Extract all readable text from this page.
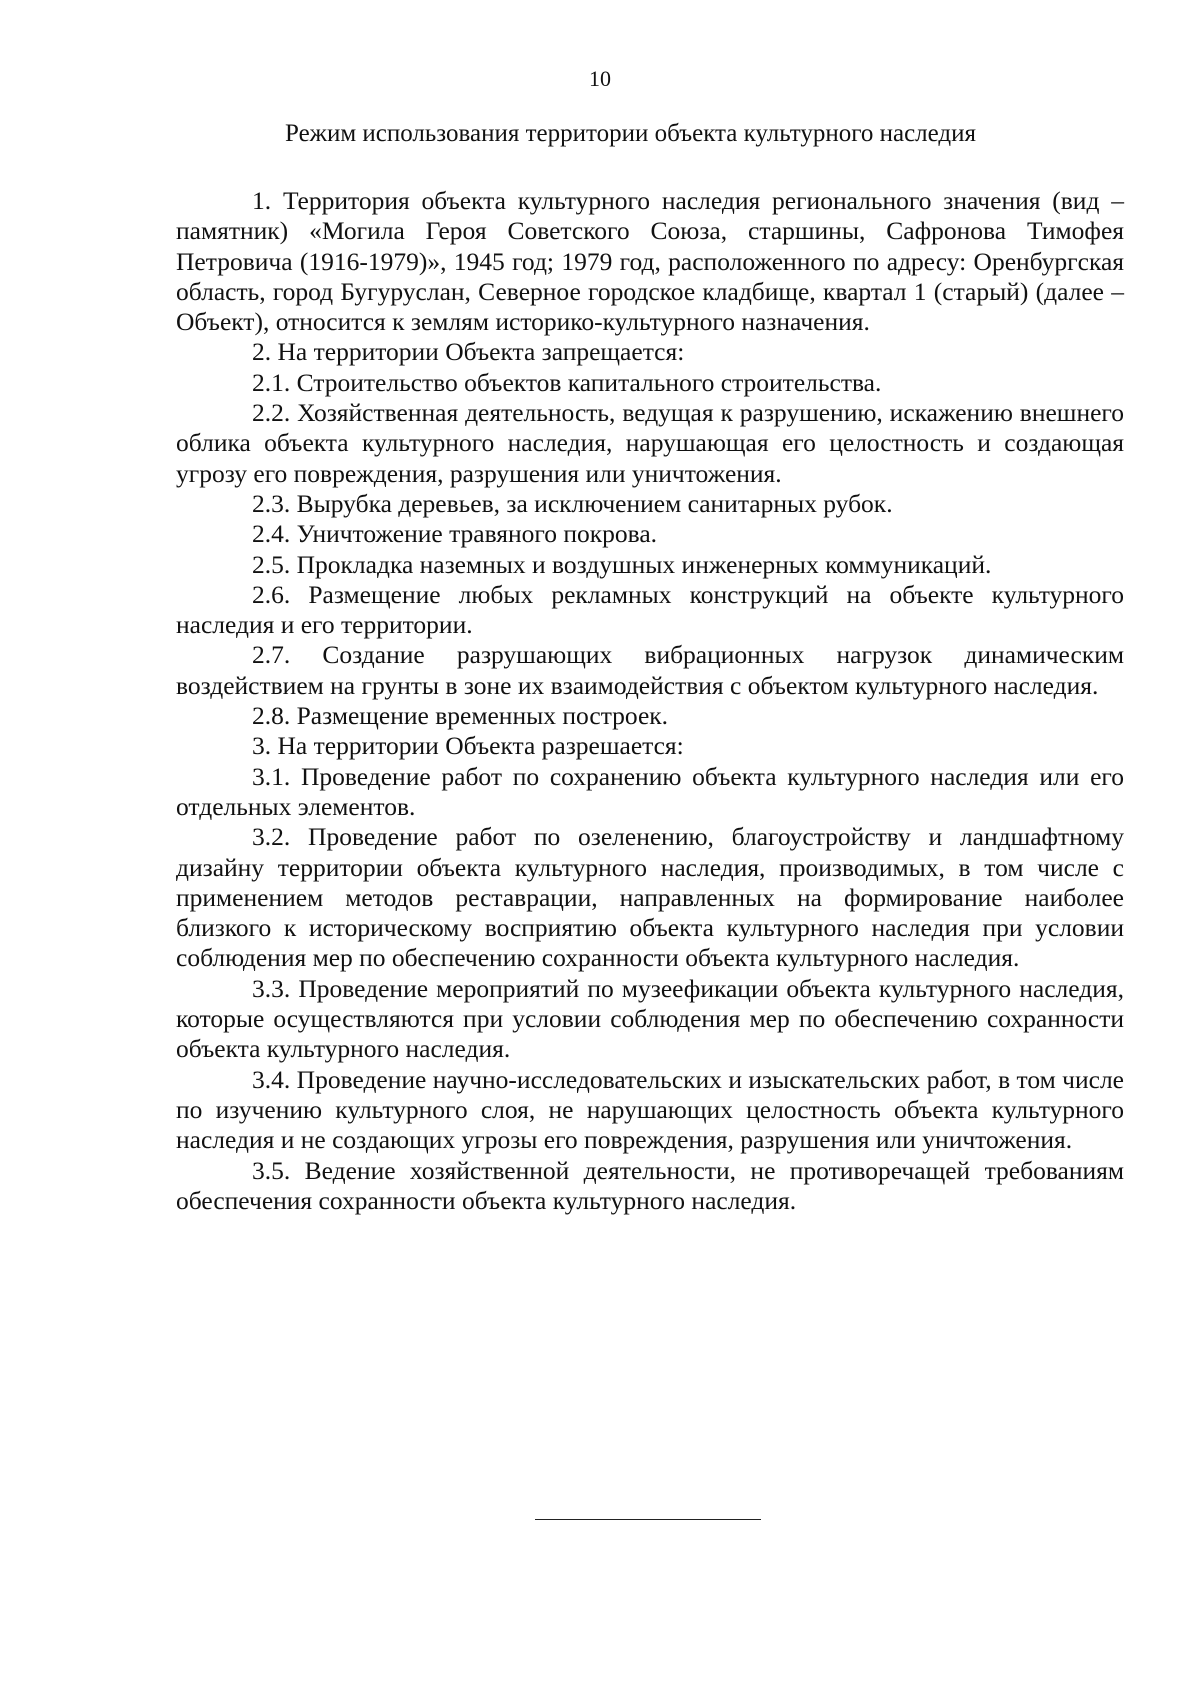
10
Режим использования территории объекта культурного наследия

1. Территория объекта культурного наследия регионального значения (вид – памятник) «Могила Героя Советского Союза, старшины, Сафронова Тимофея Петровича (1916-1979)», 1945 год; 1979 год, расположенного по адресу: Оренбургская область, город Бугуруслан, Северное городское кладбище, квартал 1 (старый) (далее – Объект), относится к землям историко-культурного назначения.

2. На территории Объекта запрещается:

2.1. Строительство объектов капитального строительства.

2.2. Хозяйственная деятельность, ведущая к разрушению, искажению внешнего облика объекта культурного наследия, нарушающая его целостность и создающая угрозу его повреждения, разрушения или уничтожения.

2.3. Вырубка деревьев, за исключением санитарных рубок.

2.4. Уничтожение травяного покрова.

2.5. Прокладка наземных и воздушных инженерных коммуникаций.

2.6. Размещение любых рекламных конструкций на объекте культурного наследия и его территории.

2.7. Создание разрушающих вибрационных нагрузок динамическим воздействием на грунты в зоне их взаимодействия с объектом культурного наследия.

2.8. Размещение временных построек.

3. На территории Объекта разрешается:

3.1. Проведение работ по сохранению объекта культурного наследия или его отдельных элементов.

3.2. Проведение работ по озеленению, благоустройству и ландшафтному дизайну территории объекта культурного наследия, производимых, в том числе с применением методов реставрации, направленных на формирование наиболее близкого к историческому восприятию объекта культурного наследия при условии соблюдения мер по обеспечению сохранности объекта культурного наследия.

3.3. Проведение мероприятий по музеефикации объекта культурного наследия, которые осуществляются при условии соблюдения мер по обеспечению сохранности объекта культурного наследия.

3.4. Проведение научно-исследовательских и изыскательских работ, в том числе по изучению культурного слоя, не нарушающих целостность объекта культурного наследия и не создающих угрозы его повреждения, разрушения или уничтожения.

3.5. Ведение хозяйственной деятельности, не противоречащей требованиям обеспечения сохранности объекта культурного наследия.
